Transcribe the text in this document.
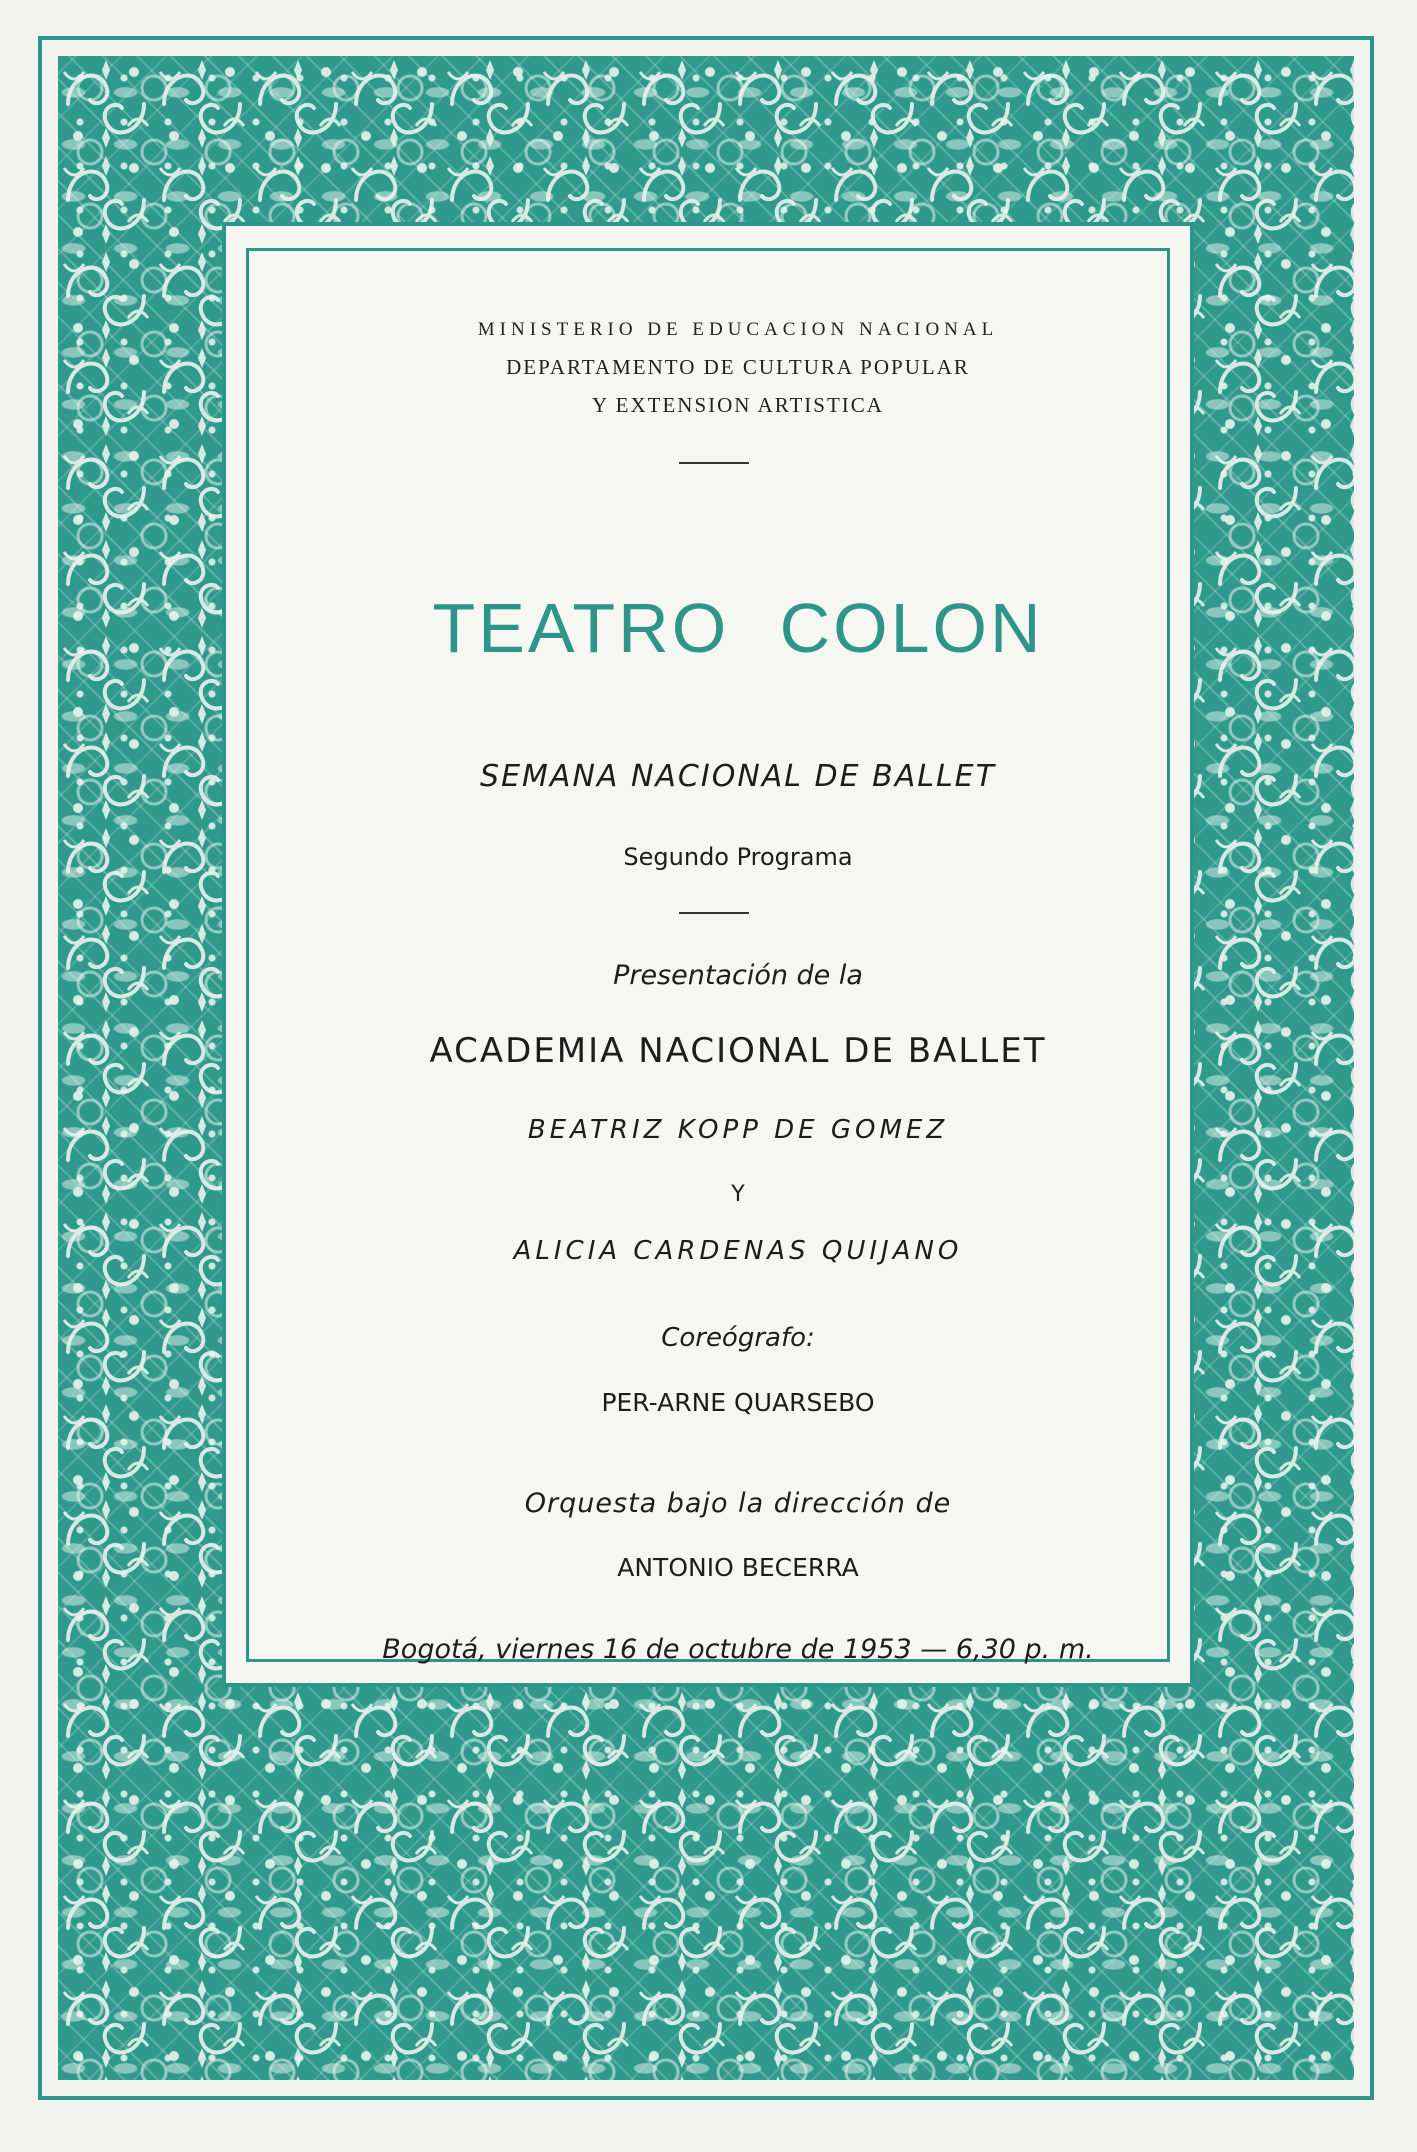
MINISTERIO DE EDUCACION NACIONAL
DEPARTAMENTO DE CULTURA POPULAR
Y EXTENSION ARTISTICA
TEATRO COLON
SEMANA NACIONAL DE BALLET
Segundo Programa
Presentación de la
ACADEMIA NACIONAL DE BALLET
BEATRIZ KOPP DE GOMEZ
Y
ALICIA CARDENAS QUIJANO
Coreógrafo:
PER-ARNE QUARSEBO
Orquesta bajo la dirección de
ANTONIO BECERRA
Bogotá, viernes 16 de octubre de 1953 — 6,30 p. m.
